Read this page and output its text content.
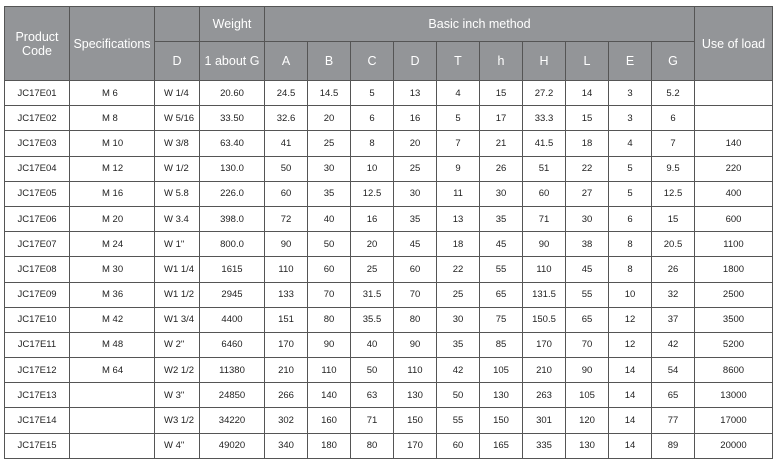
Product Code	Specifications		Weight	Basic inch method										Use of load
		D	1 about G	A	B	C	D	T	h	H	L	E	G	
JC17E01	M 6	W 1/4	20.60	24.5	14.5	5	13	4	15	27.2	14	3	5.2	
JC17E02	M 8	W 5/16	33.50	32.6	20	6	16	5	17	33.3	15	3	6	
JC17E03	M 10	W 3/8	63.40	41	25	8	20	7	21	41.5	18	4	7	140
JC17E04	M 12	W 1/2	130.0	50	30	10	25	9	26	51	22	5	9.5	220
JC17E05	M 16	W 5.8	226.0	60	35	12.5	30	11	30	60	27	5	12.5	400
JC17E06	M 20	W 3.4	398.0	72	40	16	35	13	35	71	30	6	15	600
JC17E07	M 24	W 1"	800.0	90	50	20	45	18	45	90	38	8	20.5	1100
JC17E08	M 30	W1 1/4	1615	110	60	25	60	22	55	110	45	8	26	1800
JC17E09	M 36	W1 1/2	2945	133	70	31.5	70	25	65	131.5	55	10	32	2500
JC17E10	M 42	W1 3/4	4400	151	80	35.5	80	30	75	150.5	65	12	37	3500
JC17E11	M 48	W 2"	6460	170	90	40	90	35	85	170	70	12	42	5200
JC17E12	M 64	W2 1/2	11380	210	110	50	110	42	105	210	90	14	54	8600
JC17E13		W 3"	24850	266	140	63	130	50	130	263	105	14	65	13000
JC17E14		W3 1/2	34220	302	160	71	150	55	150	301	120	14	77	17000
JC17E15		W 4"	49020	340	180	80	170	60	165	335	130	14	89	20000
